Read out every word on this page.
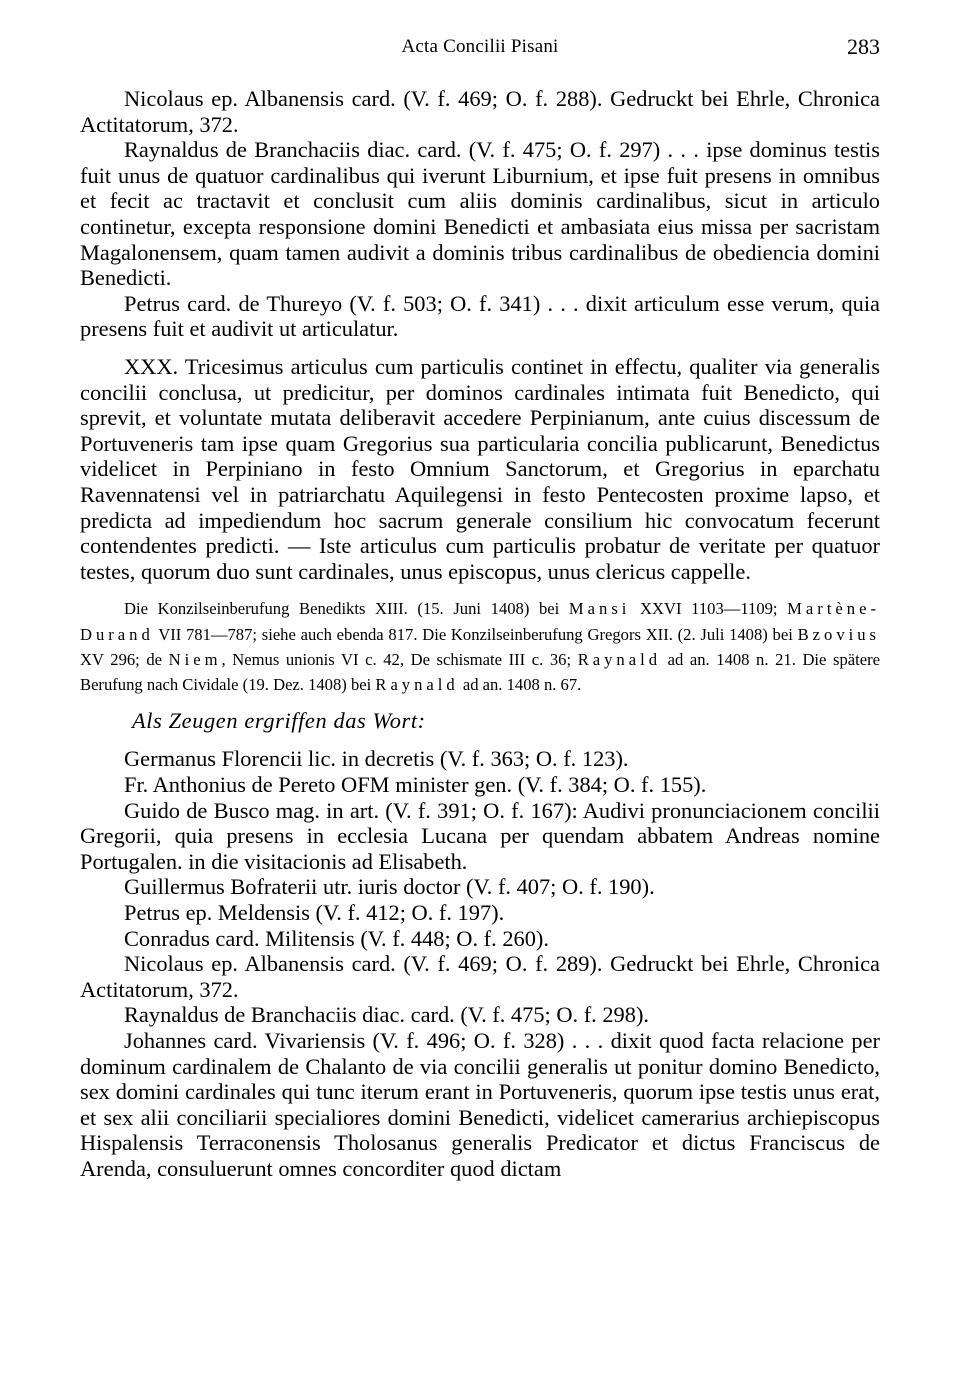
Acta Concilii Pisani	283

Nicolaus ep. Albanensis card. (V. f. 469; O. f. 288). Gedruckt bei Ehrle, Chronica Actitatorum, 372.

Raynaldus de Branchaciis diac. card. (V. f. 475; O. f. 297) . . . ipse dominus testis fuit unus de quatuor cardinalibus qui iverunt Liburnium, et ipse fuit presens in omnibus et fecit ac tractavit et conclusit cum aliis dominis cardinalibus, sicut in articulo continetur, excepta responsione domini Benedicti et ambasiata eius missa per sacristam Magalonensem, quam tamen audivit a dominis tribus cardinalibus de obediencia domini Benedicti.

Petrus card. de Thureyo (V. f. 503; O. f. 341) . . . dixit articulum esse verum, quia presens fuit et audivit ut articulatur.

XXX. Tricesimus articulus cum particulis continet in effectu, qualiter via generalis concilii conclusa, ut predicitur, per dominos cardinales intimata fuit Benedicto, qui sprevit, et voluntate mutata deliberavit accedere Perpinianum, ante cuius discessum de Portuveneris tam ipse quam Gregorius sua particularia concilia publicarunt, Benedictus videlicet in Perpiniano in festo Omnium Sanctorum, et Gregorius in eparchatu Ravennatensi vel in patriarchatu Aquilegensi in festo Pentecosten proxime lapso, et predicta ad impediendum hoc sacrum generale consilium hic convocatum fecerunt contendentes predicti. — Iste articulus cum particulis probatur de veritate per quatuor testes, quorum duo sunt cardinales, unus episcopus, unus clericus cappelle.

Die Konzilseinberufung Benedikts XIII. (15. Juni 1408) bei Mansi XXVI 1103—1109; Martène-Durand VII 781—787; siehe auch ebenda 817. Die Konzilseinberufung Gregors XII. (2. Juli 1408) bei Bzovius XV 296; de Niem, Nemus unionis VI c. 42, De schismate III c. 36; Raynald ad an. 1408 n. 21. Die spätere Berufung nach Cividale (19. Dez. 1408) bei Raynald ad an. 1408 n. 67.

Als Zeugen ergriffen das Wort:

Germanus Florencii lic. in decretis (V. f. 363; O. f. 123).

Fr. Anthonius de Pereto OFM minister gen. (V. f. 384; O. f. 155).

Guido de Busco mag. in art. (V. f. 391; O. f. 167): Audivi pronunciacionem concilii Gregorii, quia presens in ecclesia Lucana per quendam abbatem Andreas nomine Portugalen. in die visitacionis ad Elisabeth.

Guillermus Bofraterii utr. iuris doctor (V. f. 407; O. f. 190).

Petrus ep. Meldensis (V. f. 412; O. f. 197).

Conradus card. Militensis (V. f. 448; O. f. 260).

Nicolaus ep. Albanensis card. (V. f. 469; O. f. 289). Gedruckt bei Ehrle, Chronica Actitatorum, 372.

Raynaldus de Branchaciis diac. card. (V. f. 475; O. f. 298).

Johannes card. Vivariensis (V. f. 496; O. f. 328) . . . dixit quod facta relacione per dominum cardinalem de Chalanto de via concilii generalis ut ponitur domino Benedicto, sex domini cardinales qui tunc iterum erant in Portuveneris, quorum ipse testis unus erat, et sex alii conciliarii specialiores domini Benedicti, videlicet camerarius archiepiscopus Hispalensis Terraconensis Tholosanus generalis Predicator et dictus Franciscus de Arenda, consuluerunt omnes concorditer quod dictam
